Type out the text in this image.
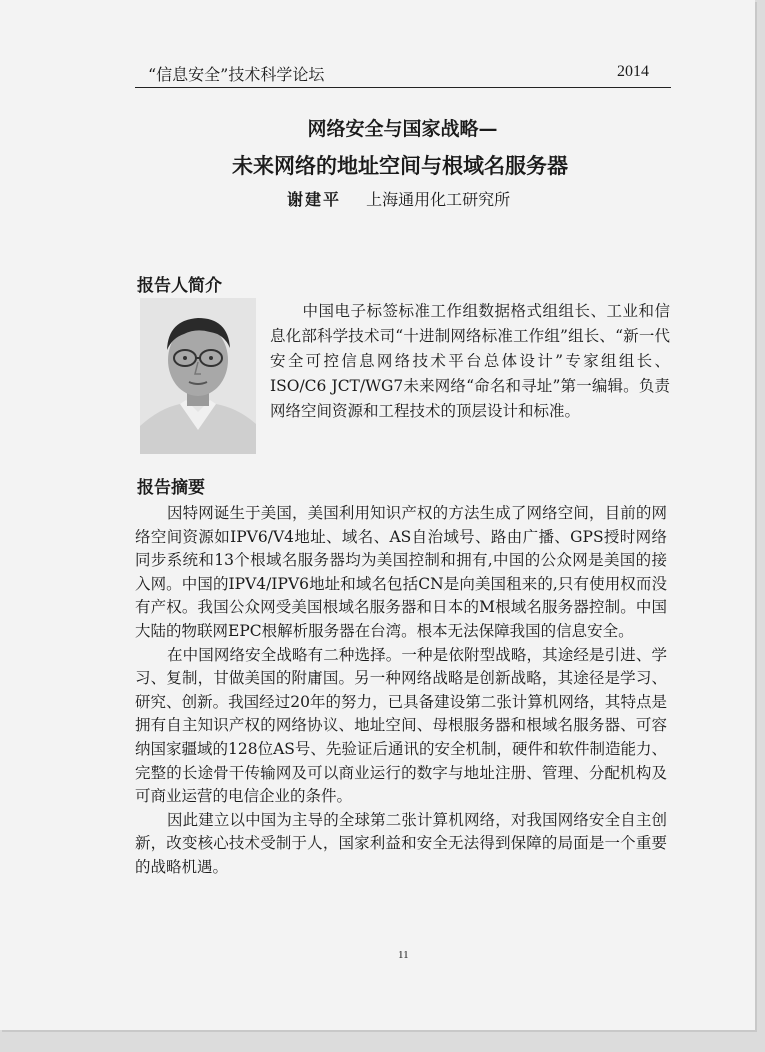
“信息安全”技术科学论坛	2014
网络安全与国家战略—
未来网络的地址空间与根域名服务器
谢建平 上海通用化工研究所
报告人简介
中国电子标签标准工作组数据格式组组长、工业和信息化部科学技术司“十进制网络标准工作组”组长、“新一代安全可控信息网络技术平台总体设计”专家组组长、ISO/C6 JCT/WG7未来网络“命名和寻址”第一编辑。负责网络空间资源和工程技术的顶层设计和标准。
报告摘要

因特网诞生于美国，美国利用知识产权的方法生成了网络空间，目前的网络空间资源如IPV6/V4地址、域名、AS自治域号、路由广播、GPS授时网络同步系统和13个根域名服务器均为美国控制和拥有,中国的公众网是美国的接入网。中国的IPV4/IPV6地址和域名包括CN是向美国租来的,只有使用权而没有产权。我国公众网受美国根域名服务器和日本的M根域名服务器控制。中国大陆的物联网EPC根解析服务器在台湾。根本无法保障我国的信息安全。

在中国网络安全战略有二种选择。一种是依附型战略，其途经是引进、学习、复制，甘做美国的附庸国。另一种网络战略是创新战略，其途径是学习、研究、创新。我国经过20年的努力，已具备建设第二张计算机网络，其特点是拥有自主知识产权的网络协议、地址空间、母根服务器和根域名服务器、可容纳国家疆域的128位AS号、先验证后通讯的安全机制，硬件和软件制造能力、完整的长途骨干传输网及可以商业运行的数字与地址注册、管理、分配机构及可商业运营的电信企业的条件。

因此建立以中国为主导的全球第二张计算机网络，对我国网络安全自主创新，改变核心技术受制于人，国家利益和安全无法得到保障的局面是一个重要的战略机遇。

11
